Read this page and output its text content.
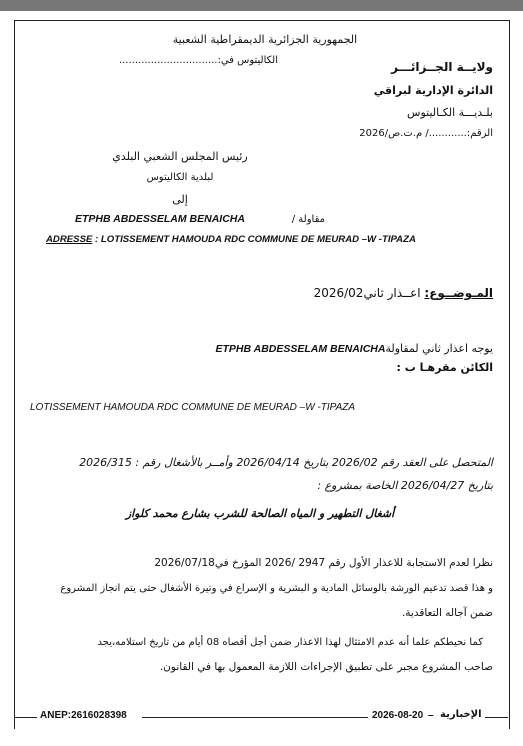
الجمهورية الجزائرية الديمقراطية الشعبية
الكاليتوس في:...............................	ولايــة الجــزائـــر
الدائرة الإدارية لبراقي
بلـديـــة الكـاليتوس
الرقم:............/ م.ت.ص/2026
رئيس المجلس الشعبي البلدي
لبلدية الكاليتوس
إلى
مقاولة /
ETPHB ABDESSELAM BENAICHA
ADRESSE : LOTISSEMENT HAMOUDA RDC COMMUNE DE MEURAD –W -TIPAZA
المـوضــوع: اعــذار ثاني2026/02
ETPHB ABDESSELAM BENAICHAيوجه اعذار ثاني لمقاولة
الكائن مقرهـا ب :
LOTISSEMENT HAMOUDA RDC COMMUNE DE MEURAD –W -TIPAZA
المتحصل على العقد رقم 2026/02 بتاريخ 2026/04/14 وأمــر بالأشغال رقم : 2026/315
بتاريخ 2026/04/27 الخاصة بمشروع :
أشغال التطهير و المياه الصالحة للشرب بشارع محمد كلواز
نظرا لعدم الاستجابة للاعذار الأول رقم 2947 /2026 المؤرخ في2026/07/18
و هذا قصد تدعيم الورشة بالوسائل المادية و البشرية و الإسراع في وتيرة الأشغال حتى يتم انجاز المشروع
ضمن آجاله التعاقدية.
كما نحيطكم علما أنه عدم الامتثال لهذا الاعذار ضمن أجل أقصاه 08 أيام من تاريخ استلامه،يجد
صاحب المشروع مجبر على تطبيق الإجراءات اللازمة المعمول بها في القانون.
ANEP:2616028398	2026-08-20 – الإخبارية
